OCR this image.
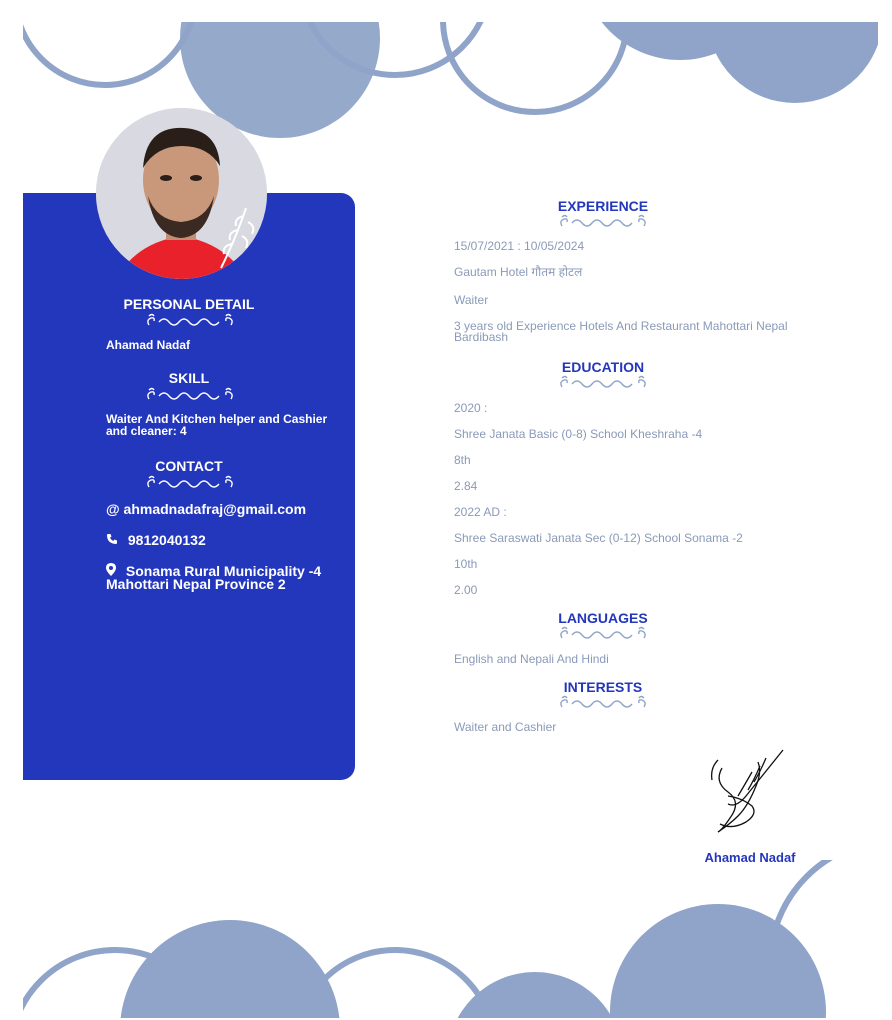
PERSONAL DETAIL
Ahamad Nadaf
SKILL
Waiter And Kitchen helper and Cashier and cleaner: 4
CONTACT
@ ahmadnadafraj@gmail.com
9812040132
Sonama Rural Municipality -4 Mahottari Nepal Province 2
EXPERIENCE
15/07/2021 : 10/05/2024
Gautam Hotel गौतम होटल
Waiter
3 years old Experience Hotels And Restaurant Mahottari Nepal Bardibash
EDUCATION
2020 :
Shree Janata Basic (0-8) School Kheshraha -4
8th
2.84
2022 AD :
Shree Saraswati Janata Sec (0-12) School Sonama -2
10th
2.00
LANGUAGES
English and Nepali And Hindi
INTERESTS
Waiter and Cashier
Ahamad Nadaf
